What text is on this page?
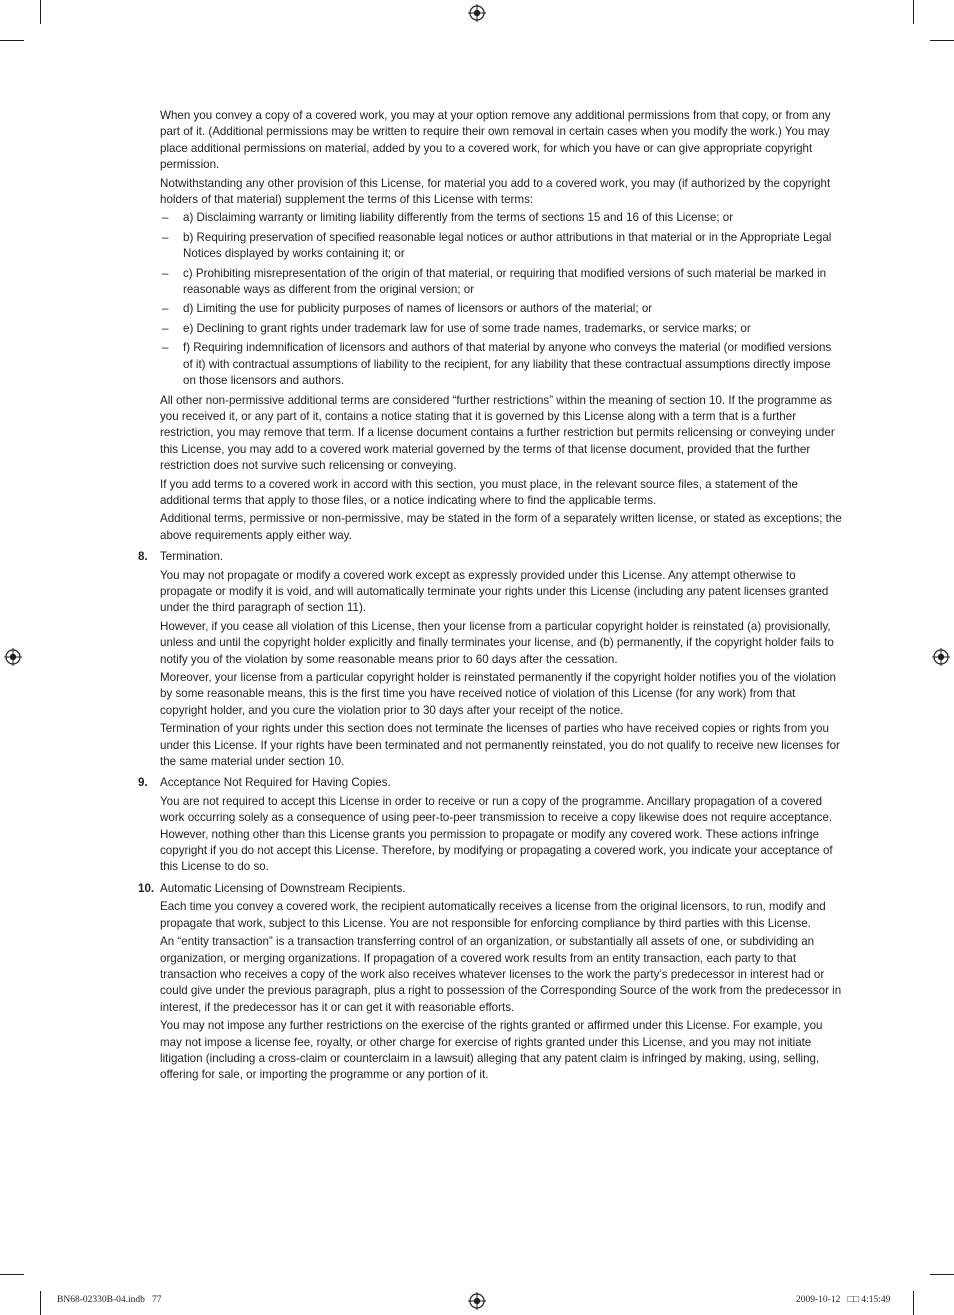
When you convey a copy of a covered work, you may at your option remove any additional permissions from that copy, or from any part of it. (Additional permissions may be written to require their own removal in certain cases when you modify the work.) You may place additional permissions on material, added by you to a covered work, for which you have or can give appropriate copyright permission.

Notwithstanding any other provision of this License, for material you add to a covered work, you may (if authorized by the copyright holders of that material) supplement the terms of this License with terms:

– a) Disclaiming warranty or limiting liability differently from the terms of sections 15 and 16 of this License; or
– b) Requiring preservation of specified reasonable legal notices or author attributions in that material or in the Appropriate Legal Notices displayed by works containing it; or
– c) Prohibiting misrepresentation of the origin of that material, or requiring that modified versions of such material be marked in reasonable ways as different from the original version; or
– d) Limiting the use for publicity purposes of names of licensors or authors of the material; or
– e) Declining to grant rights under trademark law for use of some trade names, trademarks, or service marks; or
– f) Requiring indemnification of licensors and authors of that material by anyone who conveys the material (or modified versions of it) with contractual assumptions of liability to the recipient, for any liability that these contractual assumptions directly impose on those licensors and authors.

All other non-permissive additional terms are considered “further restrictions” within the meaning of section 10. If the programme as you received it, or any part of it, contains a notice stating that it is governed by this License along with a term that is a further restriction, you may remove that term. If a license document contains a further restriction but permits relicensing or conveying under this License, you may add to a covered work material governed by the terms of that license document, provided that the further restriction does not survive such relicensing or conveying.

If you add terms to a covered work in accord with this section, you must place, in the relevant source files, a statement of the additional terms that apply to those files, or a notice indicating where to find the applicable terms.

Additional terms, permissive or non-permissive, may be stated in the form of a separately written license, or stated as exceptions; the above requirements apply either way.

8. Termination.

You may not propagate or modify a covered work except as expressly provided under this License. Any attempt otherwise to propagate or modify it is void, and will automatically terminate your rights under this License (including any patent licenses granted under the third paragraph of section 11).

However, if you cease all violation of this License, then your license from a particular copyright holder is reinstated (a) provisionally, unless and until the copyright holder explicitly and finally terminates your license, and (b) permanently, if the copyright holder fails to notify you of the violation by some reasonable means prior to 60 days after the cessation.

Moreover, your license from a particular copyright holder is reinstated permanently if the copyright holder notifies you of the violation by some reasonable means, this is the first time you have received notice of violation of this License (for any work) from that copyright holder, and you cure the violation prior to 30 days after your receipt of the notice.

Termination of your rights under this section does not terminate the licenses of parties who have received copies or rights from you under this License. If your rights have been terminated and not permanently reinstated, you do not qualify to receive new licenses for the same material under section 10.

9. Acceptance Not Required for Having Copies.

You are not required to accept this License in order to receive or run a copy of the programme. Ancillary propagation of a covered work occurring solely as a consequence of using peer-to-peer transmission to receive a copy likewise does not require acceptance. However, nothing other than this License grants you permission to propagate or modify any covered work. These actions infringe copyright if you do not accept this License. Therefore, by modifying or propagating a covered work, you indicate your acceptance of this License to do so.

10. Automatic Licensing of Downstream Recipients.

Each time you convey a covered work, the recipient automatically receives a license from the original licensors, to run, modify and propagate that work, subject to this License. You are not responsible for enforcing compliance by third parties with this License.

An “entity transaction” is a transaction transferring control of an organization, or substantially all assets of one, or subdividing an organization, or merging organizations. If propagation of a covered work results from an entity transaction, each party to that transaction who receives a copy of the work also receives whatever licenses to the work the party’s predecessor in interest had or could give under the previous paragraph, plus a right to possession of the Corresponding Source of the work from the predecessor in interest, if the predecessor has it or can get it with reasonable efforts.

You may not impose any further restrictions on the exercise of the rights granted or affirmed under this License. For example, you may not impose a license fee, royalty, or other charge for exercise of rights granted under this License, and you may not initiate litigation (including a cross-claim or counterclaim in a lawsuit) alleging that any patent claim is infringed by making, using, selling, offering for sale, or importing the programme or any portion of it.

BN68-02330B-04.indb   77	2009-10-12   □□ 4:15:49
